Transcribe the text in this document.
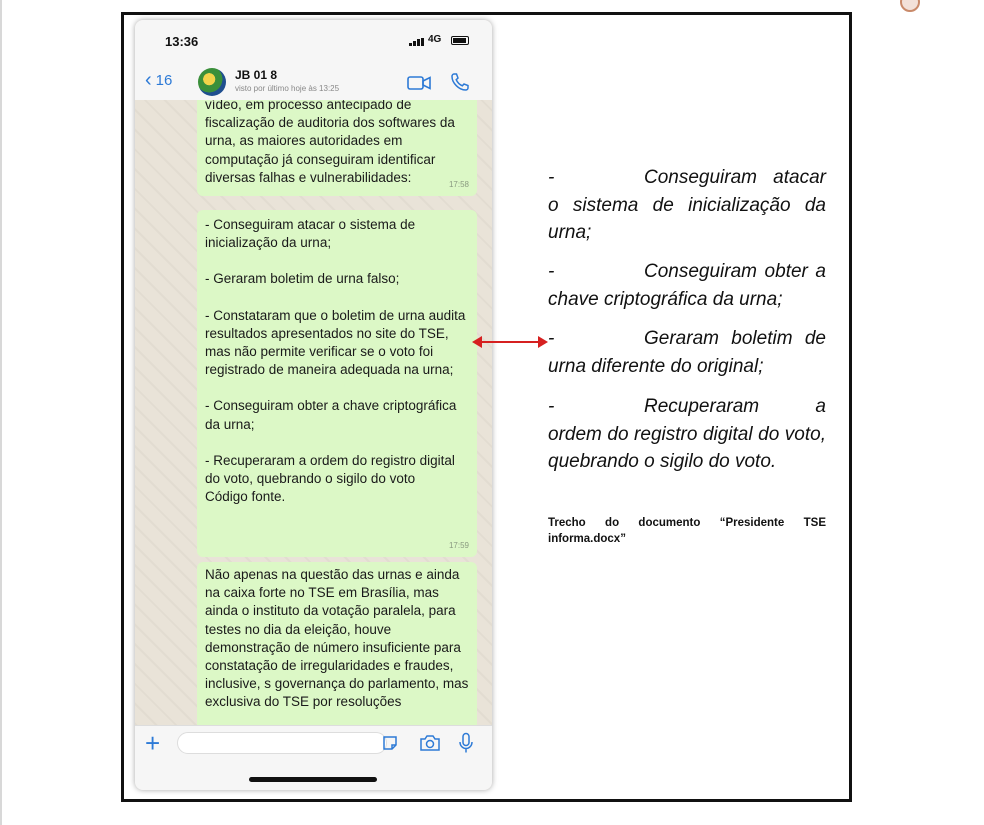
13:36	4G
‹ 16	JB 01 8
visto por último hoje às 13:25

vídeo, em processo antecipado de fiscalização de auditoria dos softwares da urna, as maiores autoridades em computação já conseguiram identificar diversas falhas e vulnerabilidades:	17:58

- Conseguiram atacar o sistema de inicialização da urna;

- Geraram boletim de urna falso;

- Constataram que o boletim de urna audita resultados apresentados no site do TSE, mas não permite verificar se o voto foi registrado de maneira adequada na urna;

- Conseguiram obter a chave criptográfica da urna;

- Recuperaram a ordem do registro digital do voto, quebrando o sigilo do voto

Código fonte.

17:59

Não apenas na questão das urnas e ainda na caixa forte no TSE em Brasília, mas ainda o instituto da votação paralela, para testes no dia da eleição, houve demonstração de número insuficiente para constatação de irregularidades e fraudes, inclusive, s governança do parlamento, mas exclusiva do TSE por resoluções

+

-	Conseguiram atacar o sistema de inicialização da urna;

-	Conseguiram obter a chave criptográfica da urna;

-	Geraram boletim de urna diferente do original;

-	Recuperaram a ordem do registro digital do voto, quebrando o sigilo do voto.

Trecho do documento “Presidente TSE informa.docx”
